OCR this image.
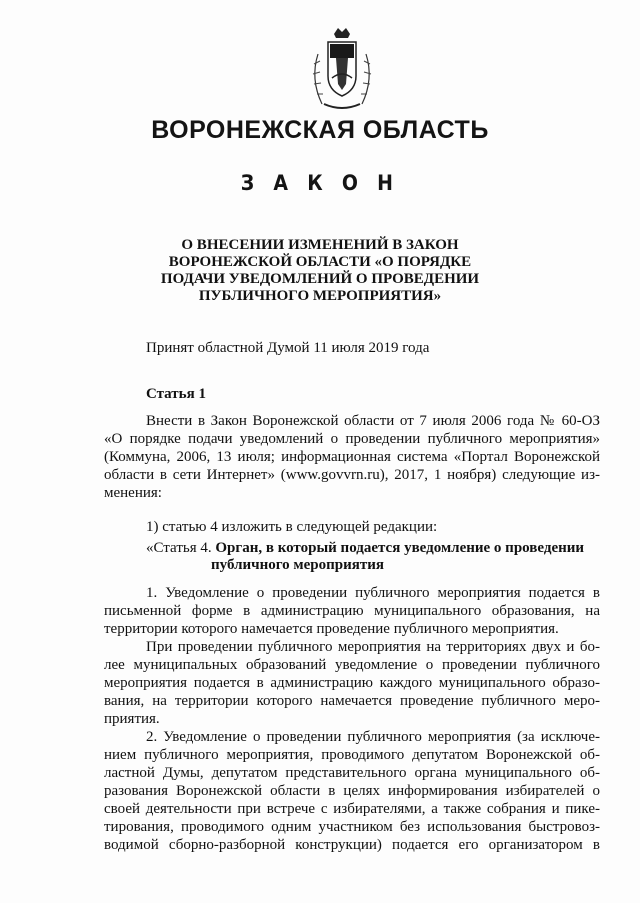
ВОРОНЕЖСКАЯ ОБЛАСТЬ
З А К О Н
О ВНЕСЕНИИ ИЗМЕНЕНИЙ В ЗАКОН
ВОРОНЕЖСКОЙ ОБЛАСТИ «О ПОРЯДКЕ
ПОДАЧИ УВЕДОМЛЕНИЙ О ПРОВЕДЕНИИ
ПУБЛИЧНОГО МЕРОПРИЯТИЯ»
Принят областной Думой 11 июля 2019 года
Статья 1
Внести в Закон Воронежской области от 7 июля 2006 года № 60-ОЗ
«О порядке подачи уведомлений о проведении публичного мероприятия»
(Коммуна, 2006, 13 июля; информационная система «Портал Воронежской
области в сети Интернет» (www.govvrn.ru), 2017, 1 ноября) следующие из-
менения:
1) статью 4 изложить в следующей редакции:
«Статья 4. Орган, в который подается уведомление о проведении
публичного мероприятия
1. Уведомление о проведении публичного мероприятия подается в
письменной форме в администрацию муниципального образования, на
территории которого намечается проведение публичного мероприятия.
При проведении публичного мероприятия на территориях двух и бо-
лее муниципальных образований уведомление о проведении публичного
мероприятия подается в администрацию каждого муниципального образо-
вания, на территории которого намечается проведение публичного меро-
приятия.
2. Уведомление о проведении публичного мероприятия (за исключе-
нием публичного мероприятия, проводимого депутатом Воронежской об-
ластной Думы, депутатом представительного органа муниципального об-
разования Воронежской области в целях информирования избирателей о
своей деятельности при встрече с избирателями, а также собрания и пике-
тирования, проводимого одним участником без использования быстровоз-
водимой сборно-разборной конструкции) подается его организатором в
